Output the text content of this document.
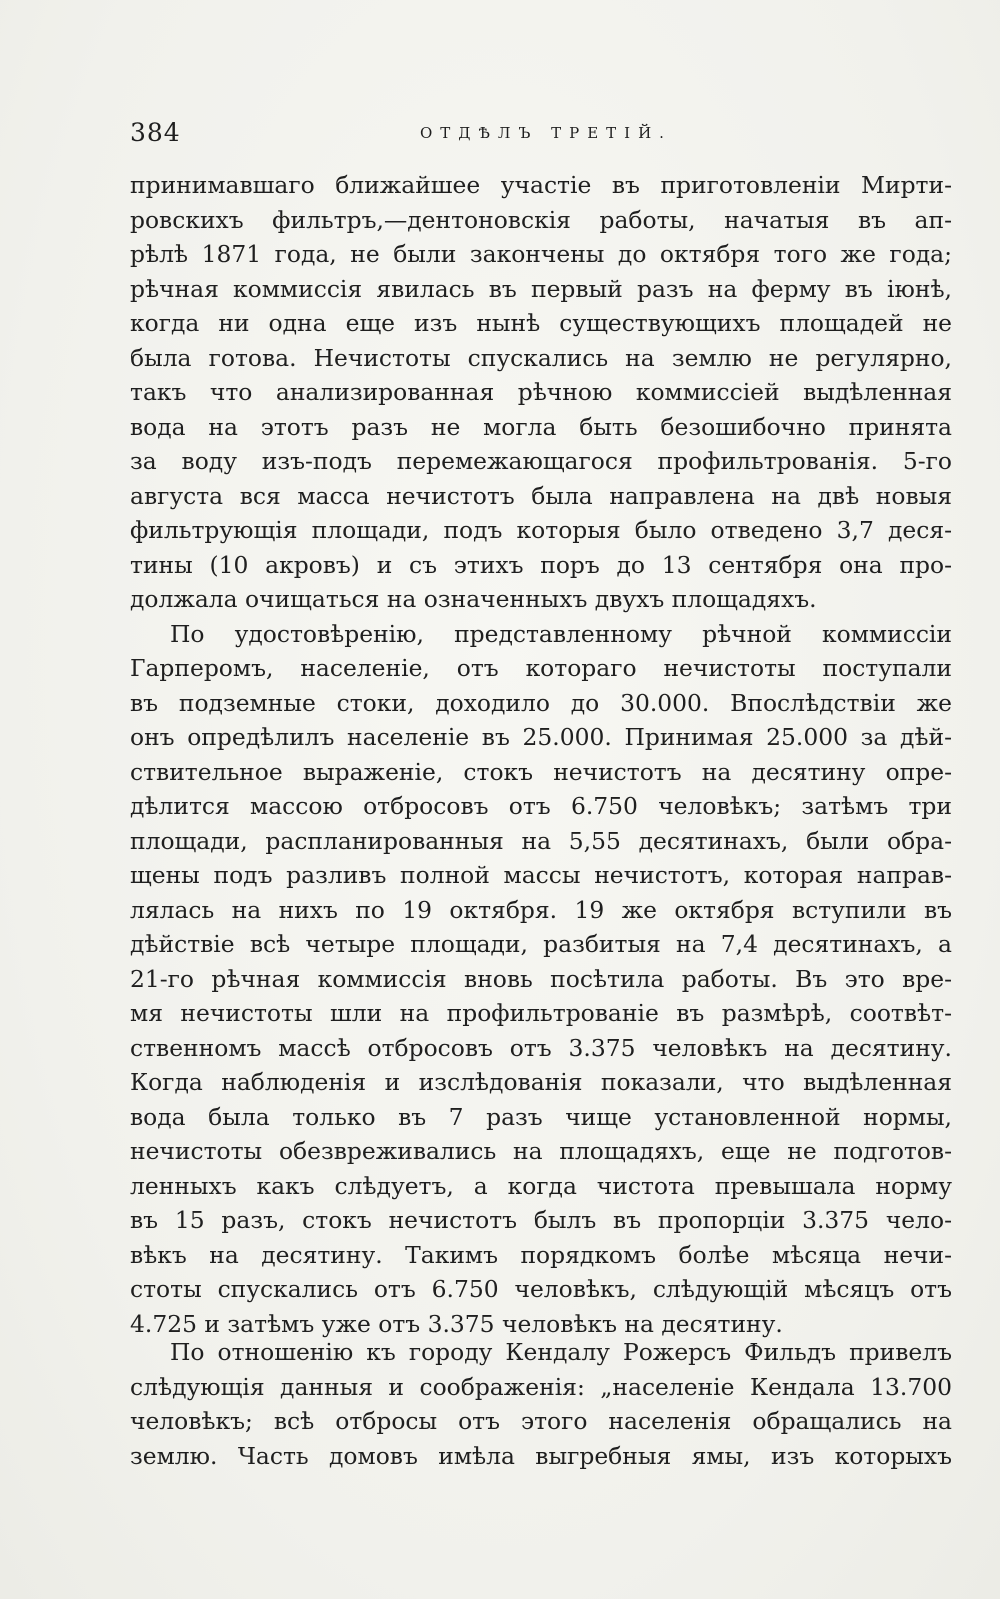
384	ОТДѢЛЪ ТРЕТІЙ.
принимавшаго ближайшее участіе въ приготовленіи Мирти-
ровскихъ фильтръ,—дентоновскія работы, начатыя въ ап-
рѣлѣ 1871 года, не были закончены до октября того же года;
рѣчная коммиссія явилась въ первый разъ на ферму въ іюнѣ,
когда ни одна еще изъ нынѣ существующихъ площадей не
была готова. Нечистоты спускались на землю не регулярно,
такъ что анализированная рѣчною коммиссіей выдѣленная
вода на этотъ разъ не могла быть безошибочно принята
за воду изъ-подъ перемежающагося профильтрованія. 5-го
августа вся масса нечистотъ была направлена на двѣ новыя
фильтрующія площади, подъ которыя было отведено 3,7 деся-
тины (10 акровъ) и съ этихъ поръ до 13 сентября она про-
должала очищаться на означенныхъ двухъ площадяхъ.
По удостовѣренію, представленному рѣчной коммиссіи
Гарперомъ, населеніе, отъ котораго нечистоты поступали
въ подземные стоки, доходило до 30.000. Впослѣдствіи же
онъ опредѣлилъ населеніе въ 25.000. Принимая 25.000 за дѣй-
ствительное выраженіе, стокъ нечистотъ на десятину опре-
дѣлится массою отбросовъ отъ 6.750 человѣкъ; затѣмъ три
площади, распланированныя на 5,55 десятинахъ, были обра-
щены подъ разливъ полной массы нечистотъ, которая направ-
лялась на нихъ по 19 октября. 19 же октября вступили въ
дѣйствіе всѣ четыре площади, разбитыя на 7,4 десятинахъ, а
21-го рѣчная коммиссія вновь посѣтила работы. Въ это вре-
мя нечистоты шли на профильтрованіе въ размѣрѣ, соотвѣт-
ственномъ массѣ отбросовъ отъ 3.375 человѣкъ на десятину.
Когда наблюденія и изслѣдованія показали, что выдѣленная
вода была только въ 7 разъ чище установленной нормы,
нечистоты обезвреживались на площадяхъ, еще не подготов-
ленныхъ какъ слѣдуетъ, а когда чистота превышала норму
въ 15 разъ, стокъ нечистотъ былъ въ пропорціи 3.375 чело-
вѣкъ на десятину. Такимъ порядкомъ болѣе мѣсяца нечи-
стоты спускались отъ 6.750 человѣкъ, слѣдующій мѣсяцъ отъ
4.725 и затѣмъ уже отъ 3.375 человѣкъ на десятину.
По отношенію къ городу Кендалу Рожерсъ Фильдъ привелъ
слѣдующія данныя и соображенія: „населеніе Кендала 13.700
человѣкъ; всѣ отбросы отъ этого населенія обращались на
землю. Часть домовъ имѣла выгребныя ямы, изъ которыхъ
